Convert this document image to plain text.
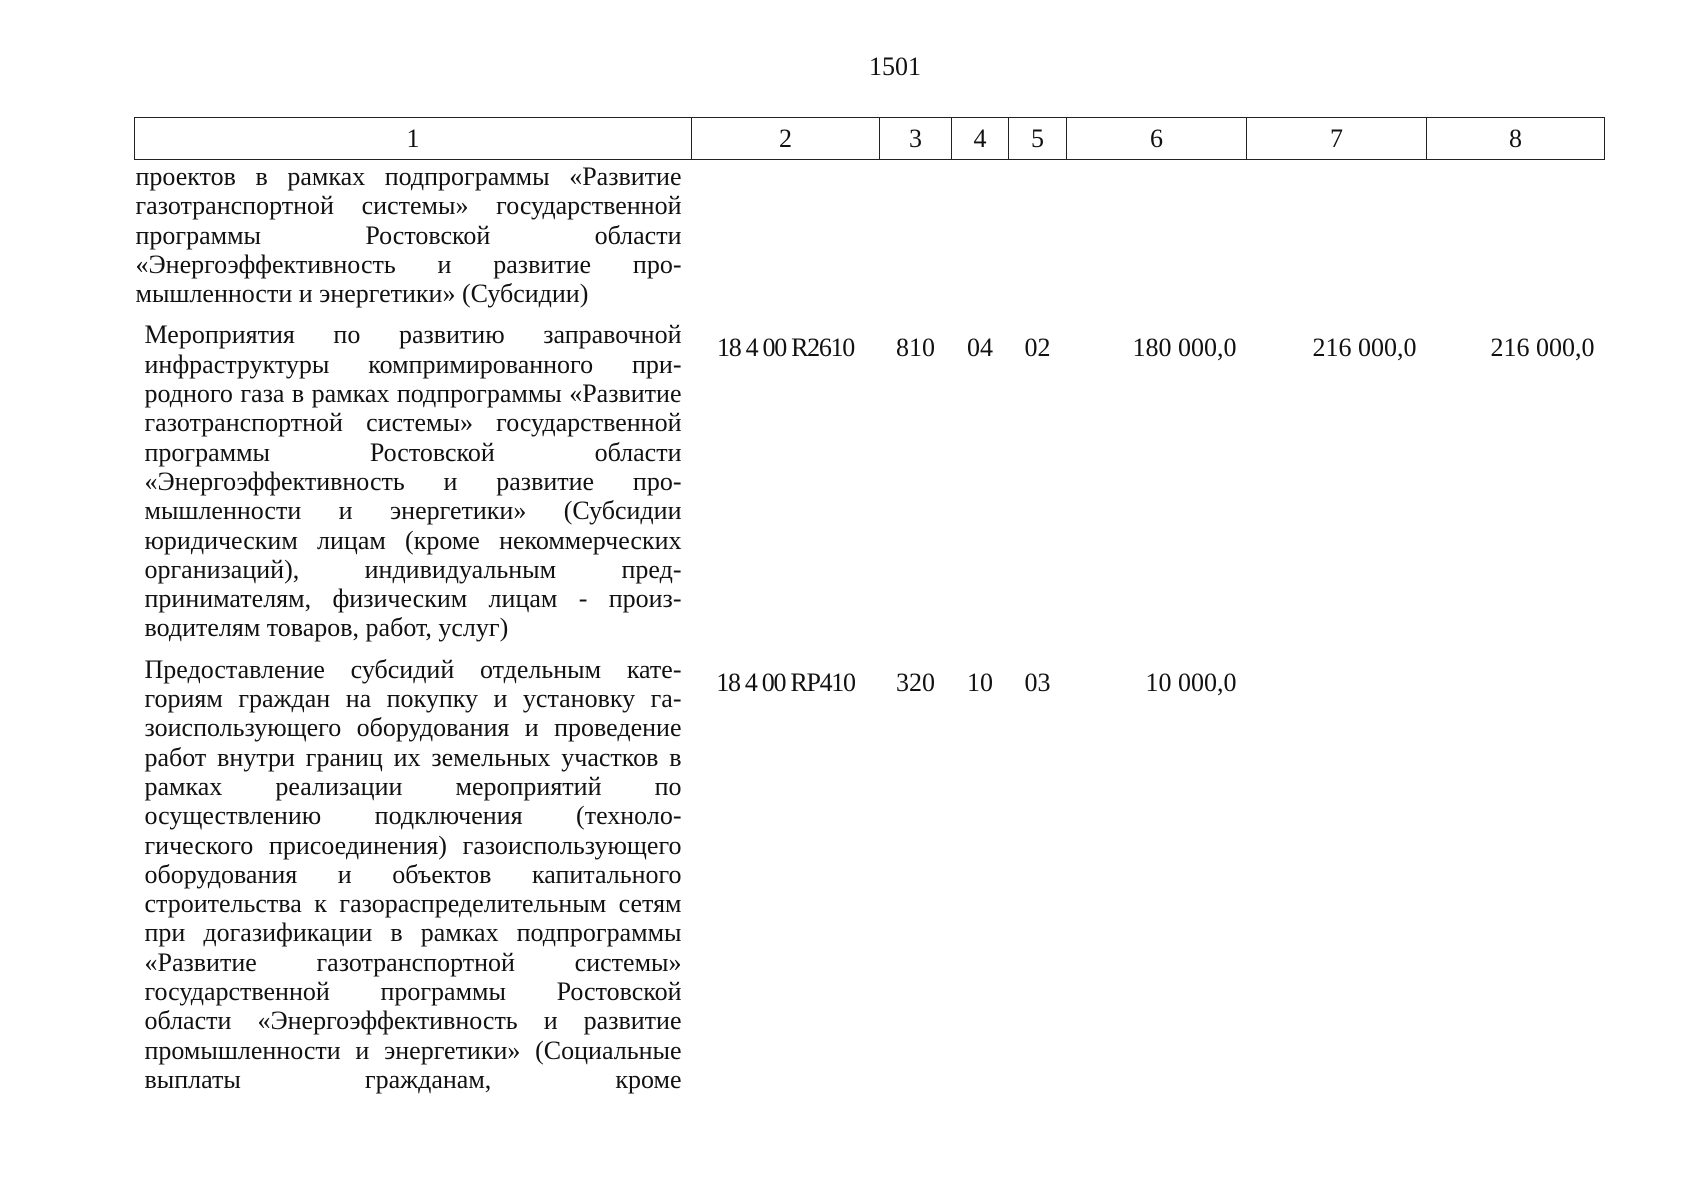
1501
1	2	3	4	5	6	7	8
проектов в рамках подпрограммы «Развитие газотранспортной системы» государственной программы Ростовской области «Энергоэффективность и развитие промышленности и энергетики» (Субсидии)							
Мероприятия по развитию заправочной инфраструктуры компримированного природного газа в рамках подпрограммы «Развитие газотранспортной системы» государственной программы Ростовской области «Энергоэффективность и развитие промышленности и энергетики» (Субсидии юридическим лицам (кроме некоммерческих организаций), индивидуальным предпринимателям, физическим лицам - производителям товаров, работ, услуг)	18 4 00 R2610	810	04	02	180 000,0	216 000,0	216 000,0
Предоставление субсидий отдельным категориям граждан на покупку и установку газоиспользующего оборудования и проведение работ внутри границ их земельных участков в рамках реализации мероприятий по осуществлению подключения (технологического присоединения) газоиспользующего оборудования и объектов капитального строительства к газораспределительным сетям при догазификации в рамках подпрограммы «Развитие газотранспортной системы» государственной программы Ростовской области «Энергоэффективность и развитие промышленности и энергетики» (Социальные выплаты гражданам, кроме	18 4 00 RP410	320	10	03	10 000,0		
